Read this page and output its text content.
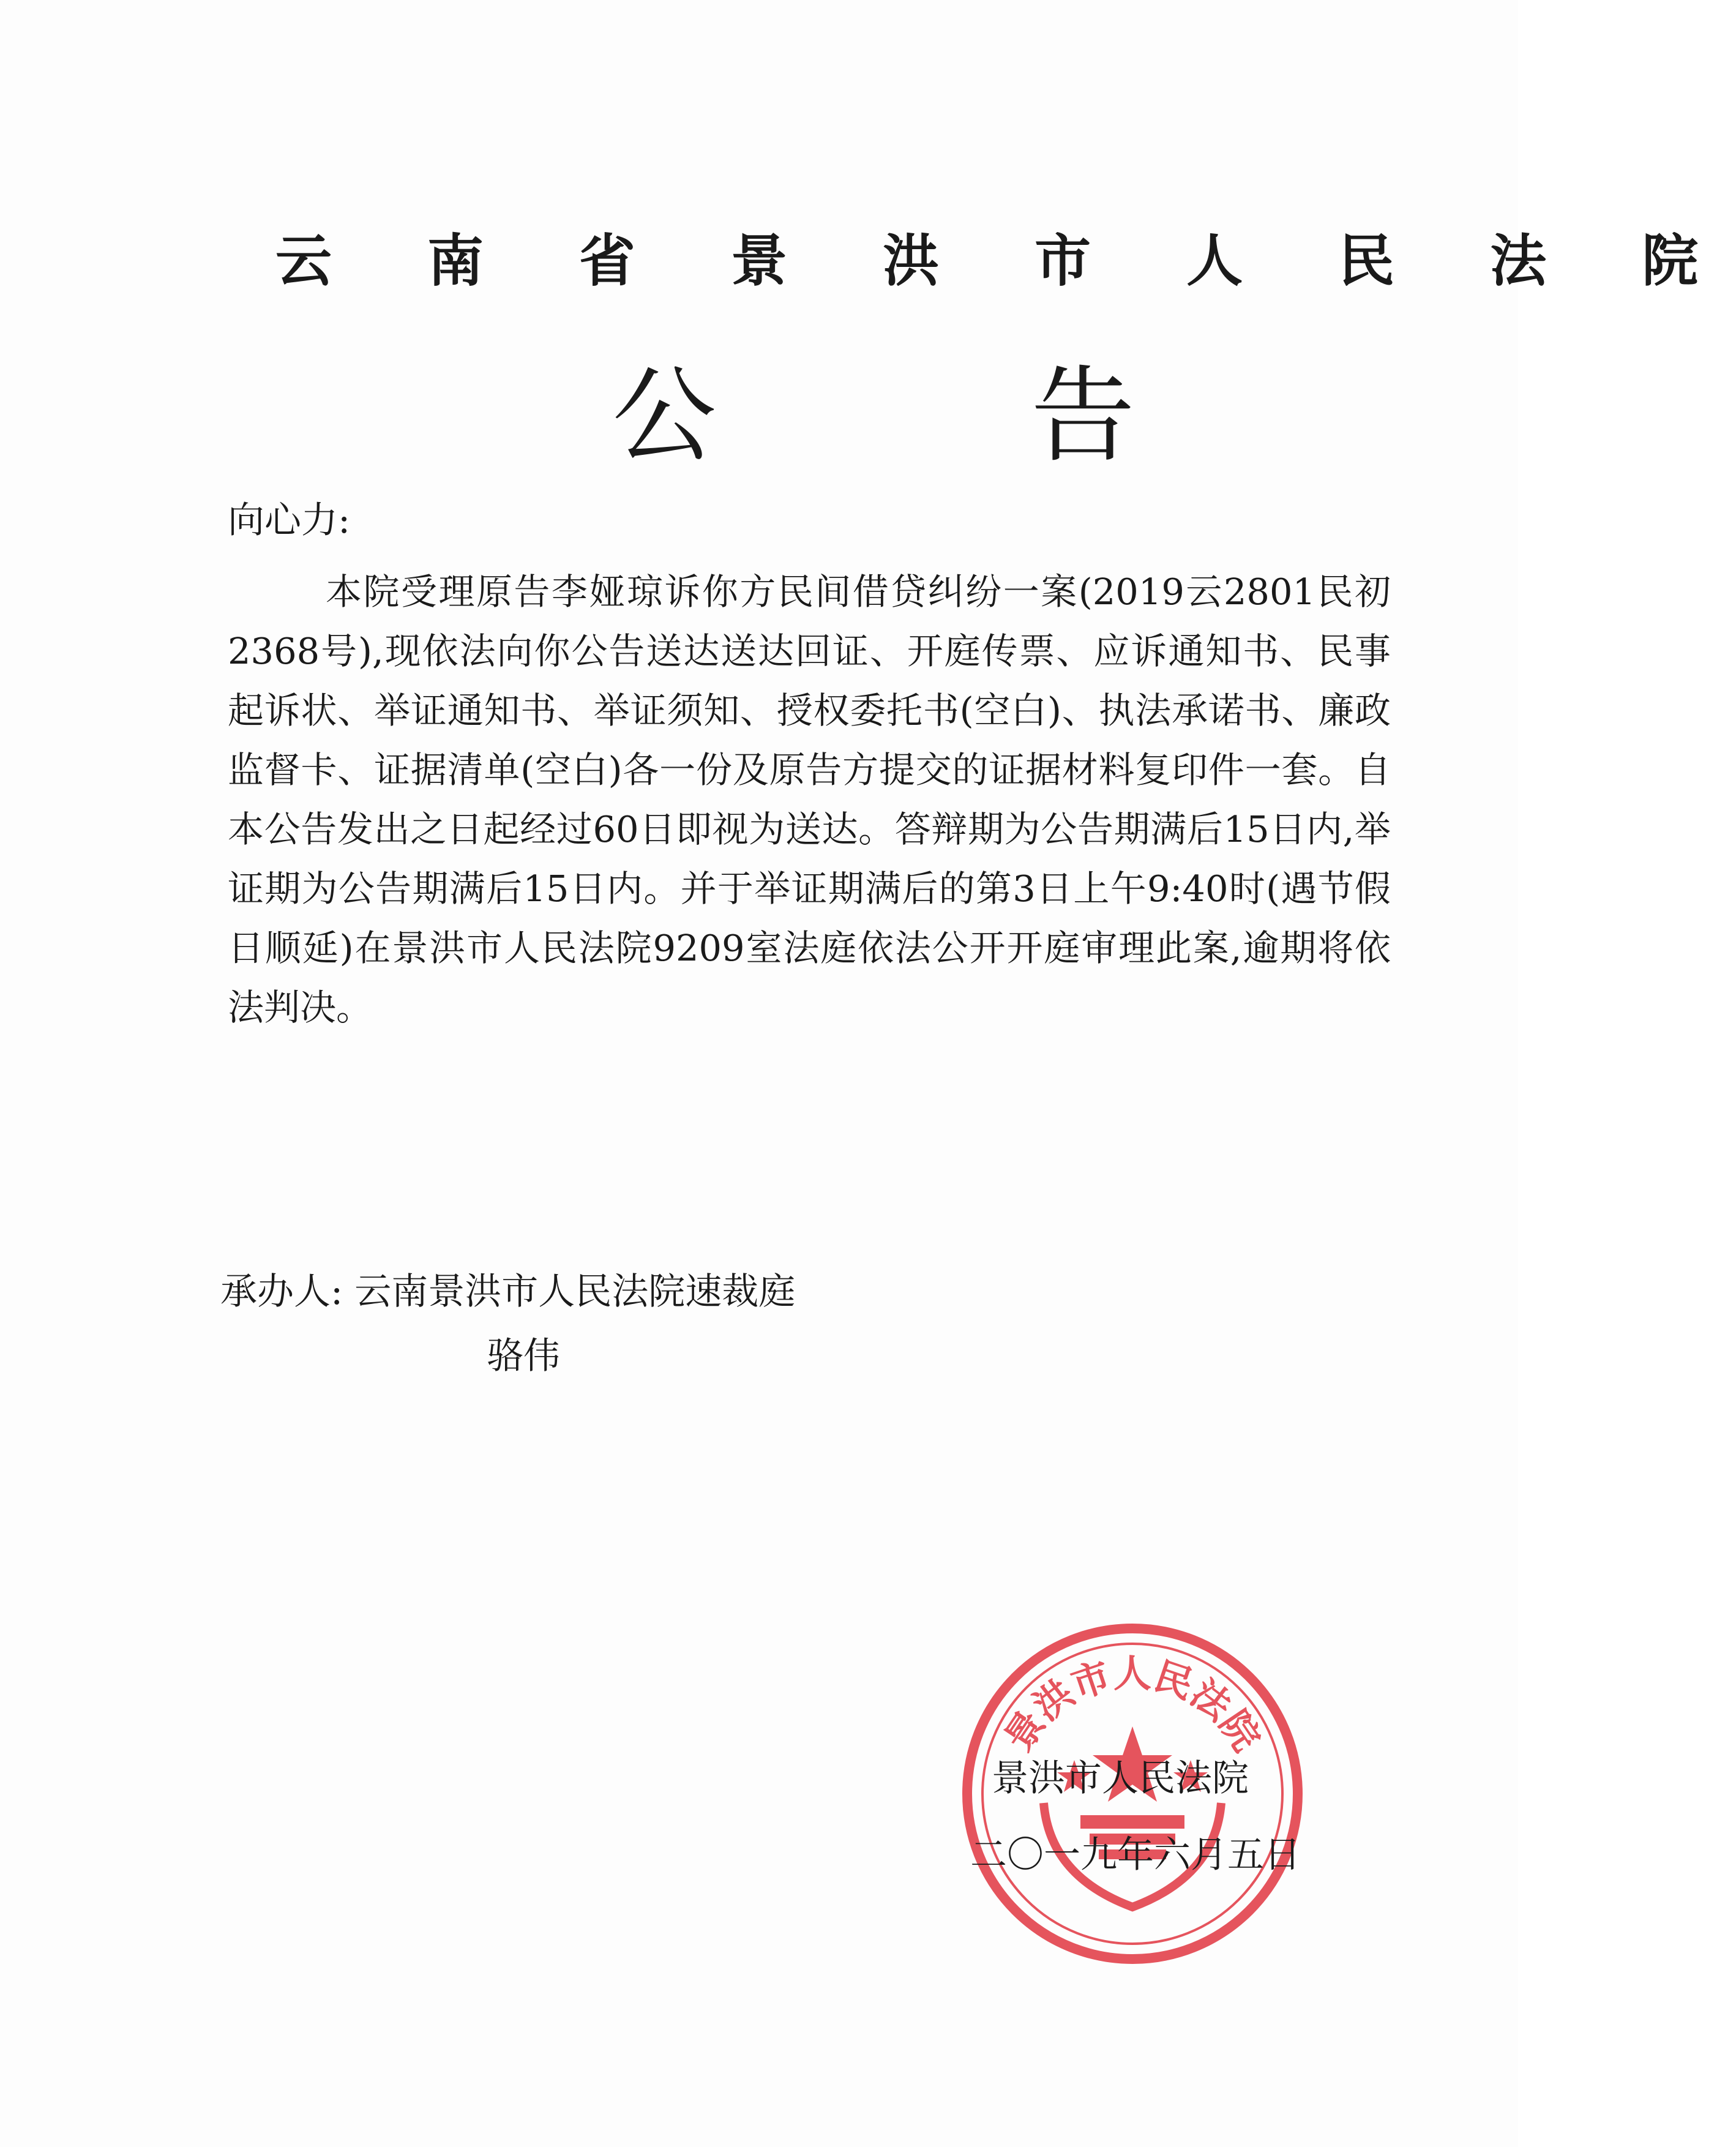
云 南 省 景 洪 市 人 民 法 院
公 告
向心力:
本院受理原告李娅琼诉你方民间借贷纠纷一案(2019云2801民初2368号),现依法向你公告送达送达回证、开庭传票、应诉通知书、民事起诉状、举证通知书、举证须知、授权委托书(空白)、执法承诺书、廉政监督卡、证据清单(空白)各一份及原告方提交的证据材料复印件一套。自本公告发出之日起经过60日即视为送达。答辩期为公告期满后15日内,举证期为公告期满后15日内。并于举证期满后的第3日上午9:40时(遇节假日顺延)在景洪市人民法院9209室法庭依法公开开庭审理此案,逾期将依法判决。
承办人: 云南景洪市人民法院速裁庭
骆伟
景洪市人民法院
景洪市人民法院
二〇一九年六月五日
